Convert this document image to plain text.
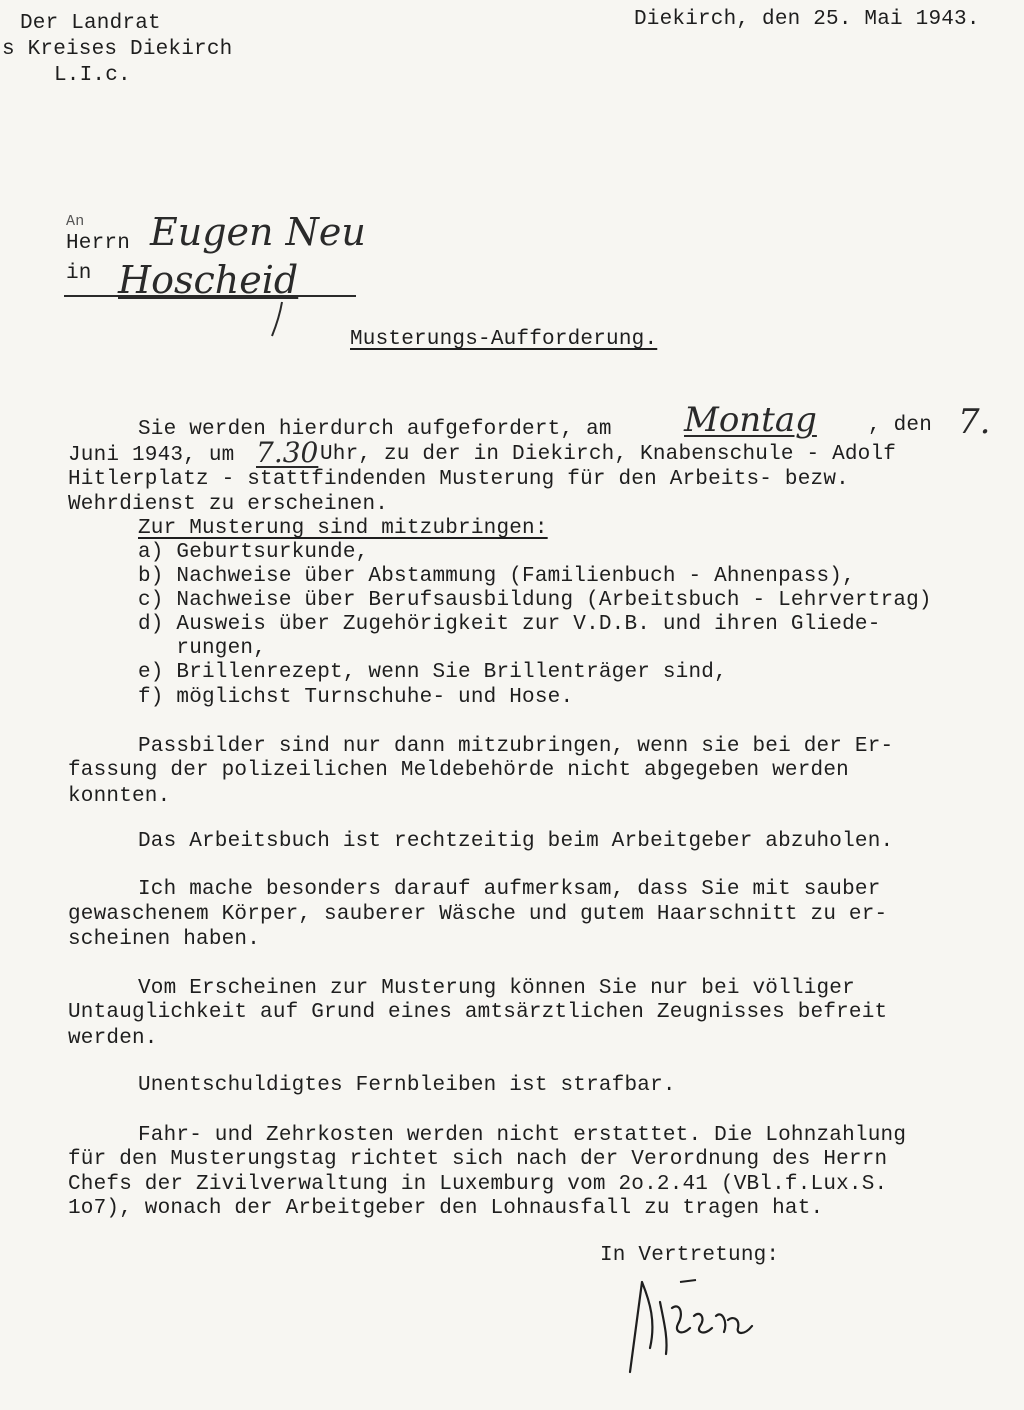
Der Landrat
s Kreises Diekirch
L.I.c.
Diekirch, den 25. Mai 1943.
An
Herrn Eugen Neu
in Hoscheid
Musterungs-Aufforderung.
Sie werden hierdurch aufgefordert, am Montag , den 7.
Juni 1943, um 7.30 Uhr, zu der in Diekirch, Knabenschule - Adolf
Hitlerplatz - stattfindenden Musterung für den Arbeits- bezw.
Wehrdienst zu erscheinen.
Zur Musterung sind mitzubringen:
a) Geburtsurkunde,
b) Nachweise über Abstammung (Familienbuch - Ahnenpass),
c) Nachweise über Berufsausbildung (Arbeitsbuch - Lehrvertrag)
d) Ausweis über Zugehörigkeit zur V.D.B. und ihren Gliede-
rungen,
e) Brillenrezept, wenn Sie Brillenträger sind,
f) möglichst Turnschuhe- und Hose.
Passbilder sind nur dann mitzubringen, wenn sie bei der Er-
fassung der polizeilichen Meldebehörde nicht abgegeben werden
konnten.
Das Arbeitsbuch ist rechtzeitig beim Arbeitgeber abzuholen.
Ich mache besonders darauf aufmerksam, dass Sie mit sauber
gewaschenem Körper, sauberer Wäsche und gutem Haarschnitt zu er-
scheinen haben.
Vom Erscheinen zur Musterung können Sie nur bei völliger
Untauglichkeit auf Grund eines amtsärztlichen Zeugnisses befreit
werden.
Unentschuldigtes Fernbleiben ist strafbar.
Fahr- und Zehrkosten werden nicht erstattet. Die Lohnzahlung
für den Musterungstag richtet sich nach der Verordnung des Herrn
Chefs der Zivilverwaltung in Luxemburg vom 2o.2.41 (VBl.f.Lux.S.
1o7), wonach der Arbeitgeber den Lohnausfall zu tragen hat.
In Vertretung:
